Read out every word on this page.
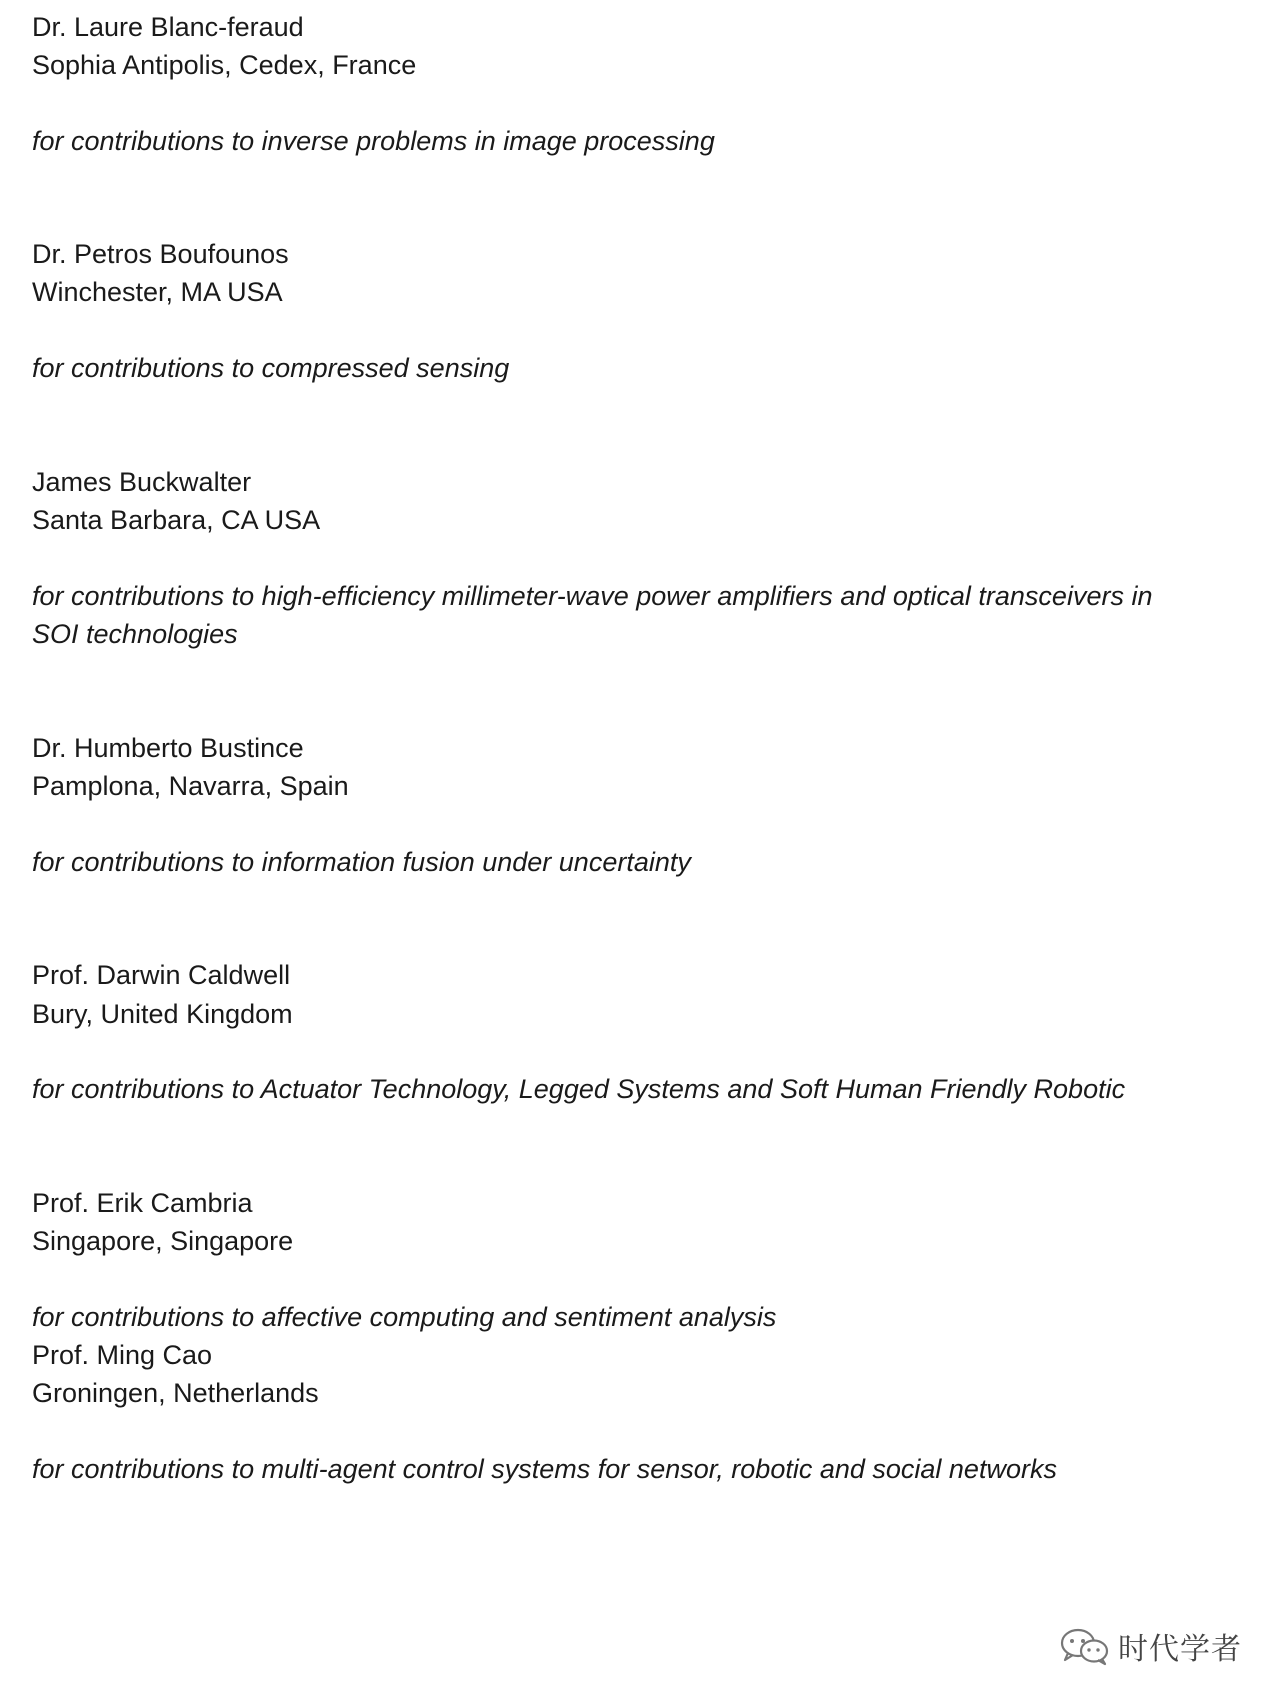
Dr. Laure Blanc-feraud
Sophia Antipolis, Cedex, France
for contributions to inverse problems in image processing
Dr. Petros Boufounos
Winchester, MA USA
for contributions to compressed sensing
James Buckwalter
Santa Barbara, CA USA
for contributions to high-efficiency millimeter-wave power amplifiers and optical transceivers in
SOI technologies
Dr. Humberto Bustince
Pamplona, Navarra, Spain
for contributions to information fusion under uncertainty
Prof. Darwin Caldwell
Bury, United Kingdom
for contributions to Actuator Technology, Legged Systems and Soft Human Friendly Robotic
Prof. Erik Cambria
Singapore, Singapore
for contributions to affective computing and sentiment analysis
Prof. Ming Cao
Groningen, Netherlands
for contributions to multi-agent control systems for sensor, robotic and social networks
时代学者
